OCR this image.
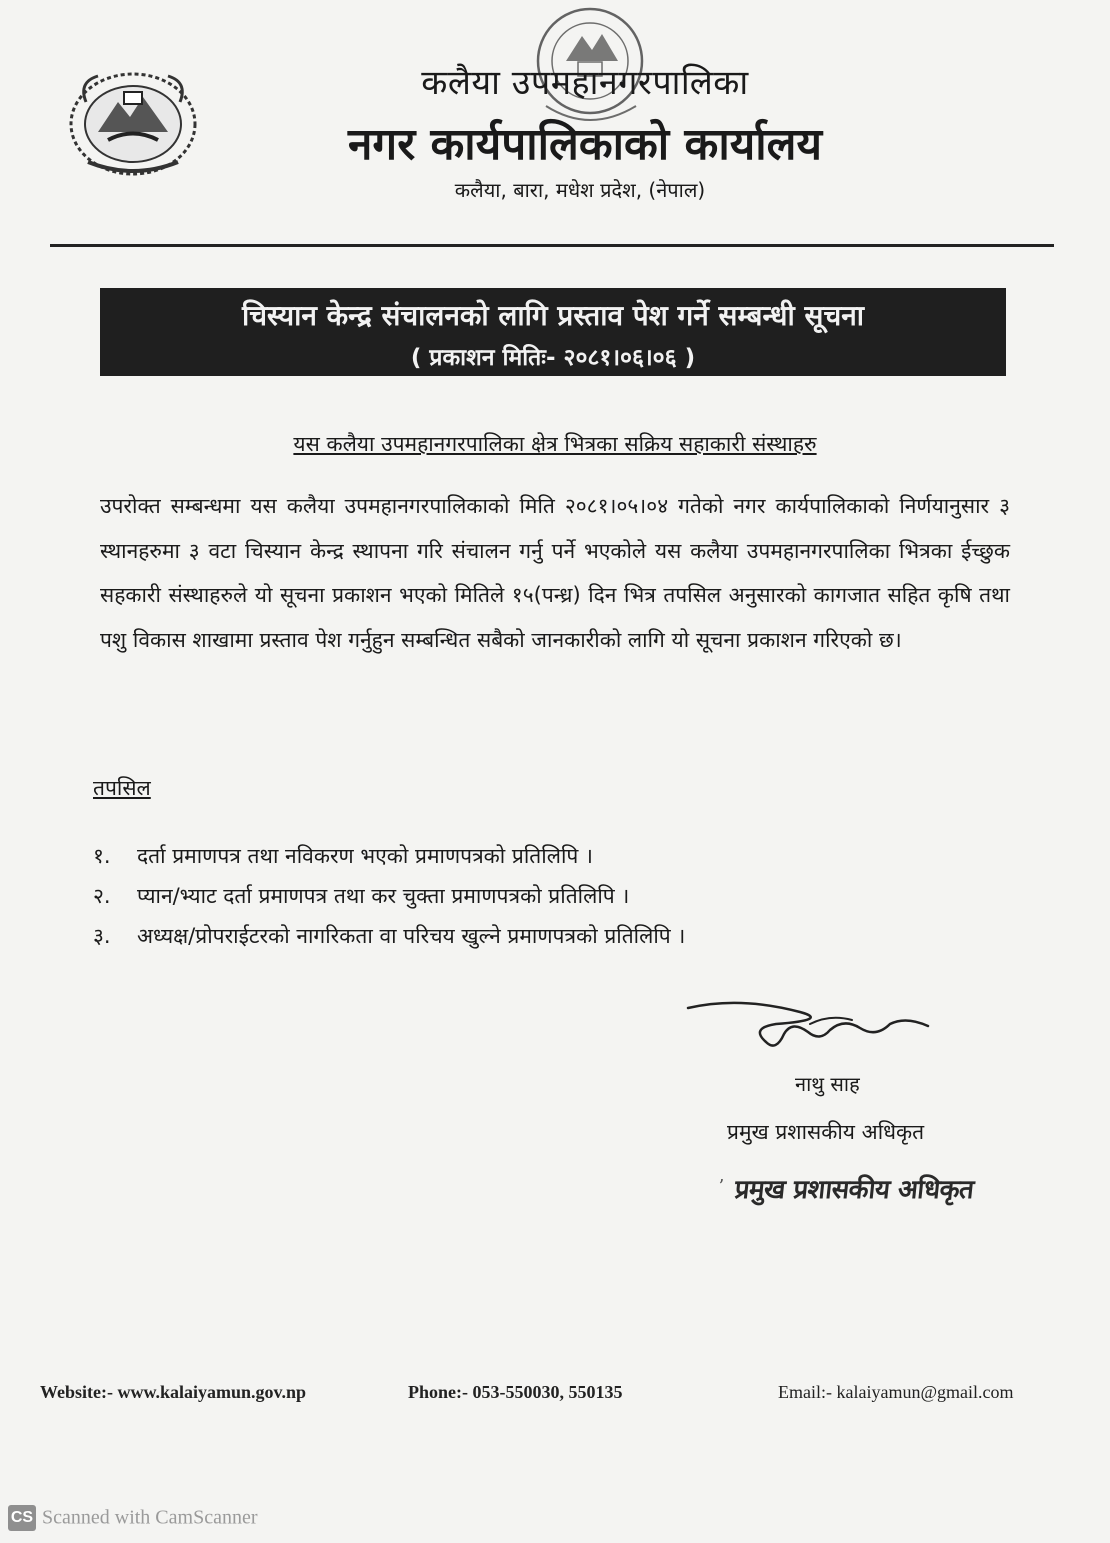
कलैया उपमहानगरपालिका
नगर कार्यपालिकाको कार्यालय
कलैया, बारा, मधेश प्रदेश, (नेपाल)
चिस्यान केन्द्र संचालनको लागि प्रस्ताव पेश गर्ने सम्बन्धी सूचना
( प्रकाशन मितिः- २०८१।०६।०६ )
यस कलैया उपमहानगरपालिका क्षेत्र भित्रका सक्रिय सहाकारी संस्थाहरु
उपरोक्त सम्बन्धमा यस कलैया उपमहानगरपालिकाको मिति २०८१।०५।०४ गतेको नगर कार्यपालिकाको निर्णयानुसार ३ स्थानहरुमा ३ वटा चिस्यान केन्द्र स्थापना गरि संचालन गर्नु पर्ने भएकोले यस कलैया उपमहानगरपालिका भित्रका ईच्छुक सहकारी संस्थाहरुले यो सूचना प्रकाशन भएको मितिले १५(पन्ध्र) दिन भित्र तपसिल अनुसारको कागजात सहित कृषि तथा पशु विकास शाखामा प्रस्ताव पेश गर्नुहुन सम्बन्धित सबैको जानकारीको लागि यो सूचना प्रकाशन गरिएको छ।
तपसिल
१. दर्ता प्रमाणपत्र तथा नविकरण भएको प्रमाणपत्रको प्रतिलिपि ।
२. प्यान/भ्याट दर्ता प्रमाणपत्र तथा कर चुक्ता प्रमाणपत्रको प्रतिलिपि ।
३. अध्यक्ष/प्रोपराईटरको नागरिकता वा परिचय खुल्ने प्रमाणपत्रको प्रतिलिपि ।
नाथु साह
प्रमुख प्रशासकीय अधिकृत
ʼ प्रमुख प्रशासकीय अधिकृत
Website:- www.kalaiyamun.gov.np	Phone:- 053-550030, 550135	Email:- kalaiyamun@gmail.com
CS Scanned with CamScanner
